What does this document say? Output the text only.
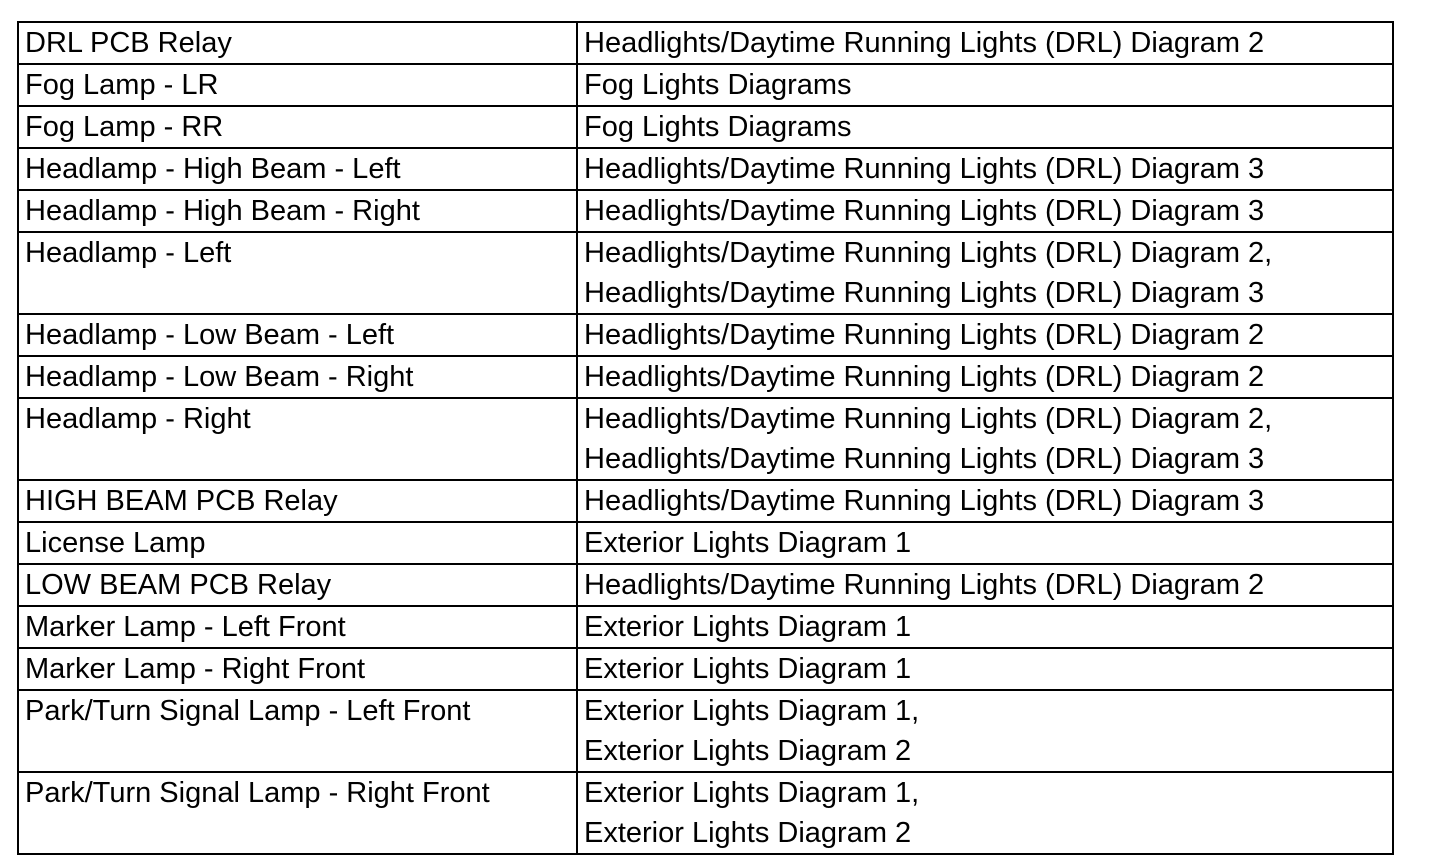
DRL PCB Relay	Headlights/Daytime Running Lights (DRL) Diagram 2

Fog Lamp - LR	Fog Lights Diagrams

Fog Lamp - RR	Fog Lights Diagrams

Headlamp - High Beam - Left	Headlights/Daytime Running Lights (DRL) Diagram 3

Headlamp - High Beam - Right	Headlights/Daytime Running Lights (DRL) Diagram 3

Headlamp - Left	Headlights/Daytime Running Lights (DRL) Diagram 2,
Headlights/Daytime Running Lights (DRL) Diagram 3

Headlamp - Low Beam - Left	Headlights/Daytime Running Lights (DRL) Diagram 2

Headlamp - Low Beam - Right	Headlights/Daytime Running Lights (DRL) Diagram 2

Headlamp - Right	Headlights/Daytime Running Lights (DRL) Diagram 2,
Headlights/Daytime Running Lights (DRL) Diagram 3

HIGH BEAM PCB Relay	Headlights/Daytime Running Lights (DRL) Diagram 3

License Lamp	Exterior Lights Diagram 1

LOW BEAM PCB Relay	Headlights/Daytime Running Lights (DRL) Diagram 2

Marker Lamp - Left Front	Exterior Lights Diagram 1

Marker Lamp - Right Front	Exterior Lights Diagram 1

Park/Turn Signal Lamp - Left Front	Exterior Lights Diagram 1,
Exterior Lights Diagram 2

Park/Turn Signal Lamp - Right Front	Exterior Lights Diagram 1,
Exterior Lights Diagram 2
